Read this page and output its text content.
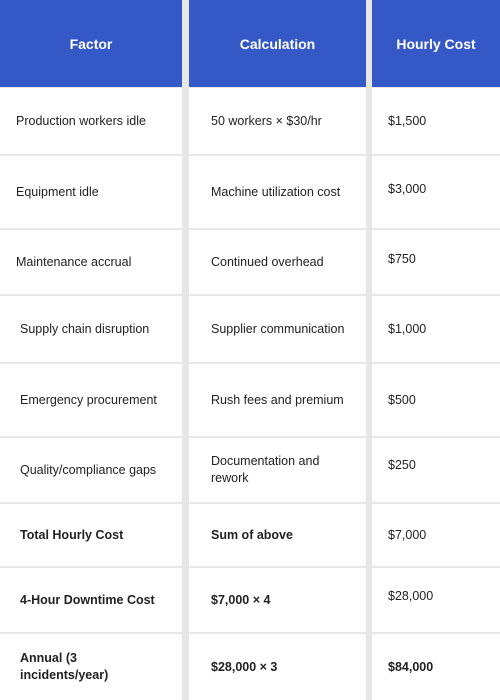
Factor
Production workers idle
Equipment idle
Maintenance accrual
Supply chain disruption
Emergency procurement
Quality/compliance gaps
Total Hourly Cost
4-Hour Downtime Cost
Annual (3 incidents/year)
Calculation
50 workers × $30/hr
Machine utilization cost
Continued overhead
Supplier communication
Rush fees and premium
Documentation and rework
Sum of above
$7,000 × 4
$28,000 × 3
Hourly Cost
$1,500
$3,000
$750
$1,000
$500
$250
$7,000
$28,000
$84,000
